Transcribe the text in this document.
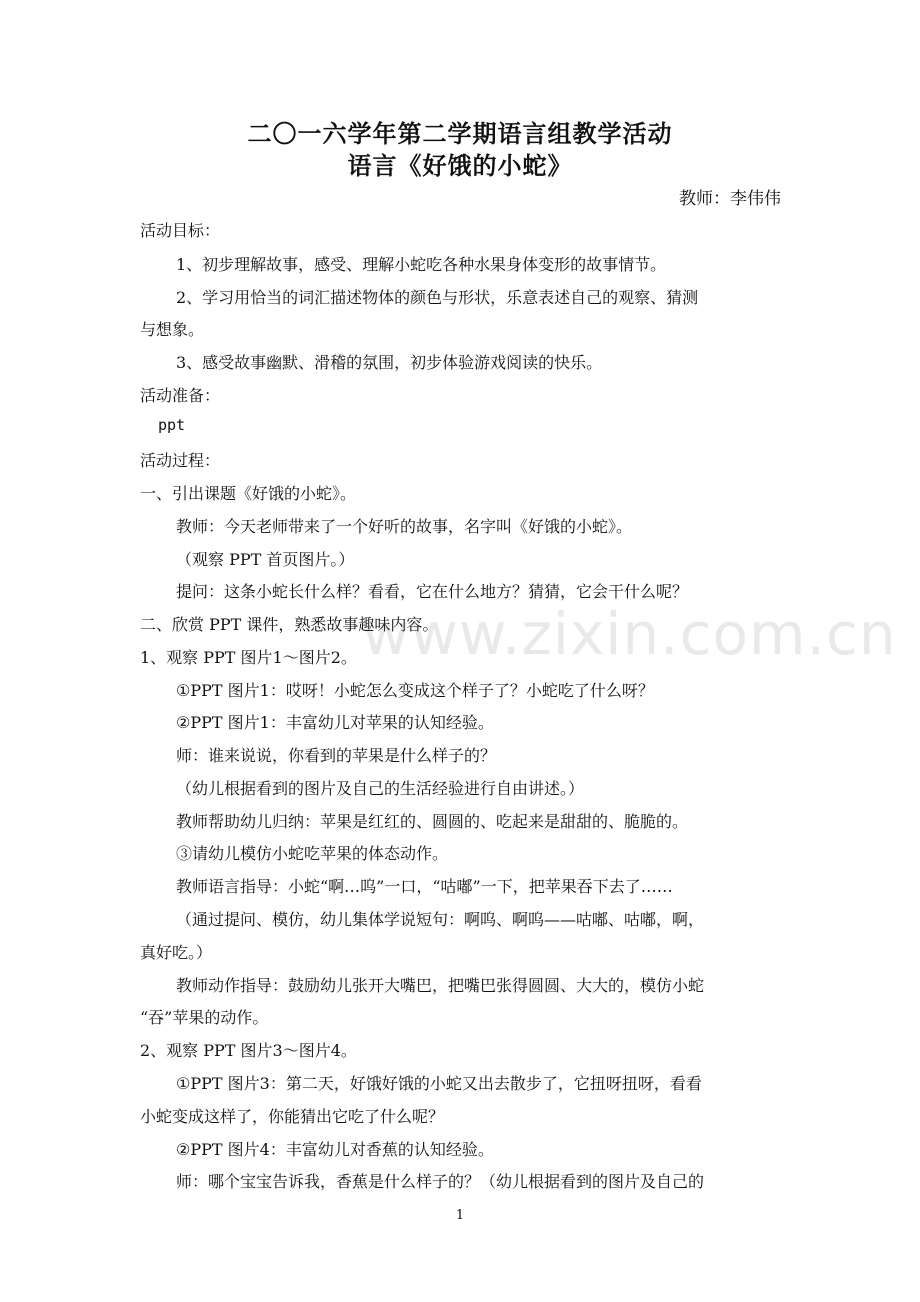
二〇一六学年第二学期语言组教学活动
语言《好饿的小蛇》
教师：李伟伟
活动目标：
1、初步理解故事，感受、理解小蛇吃各种水果身体变形的故事情节。
2、学习用恰当的词汇描述物体的颜色与形状，乐意表述自己的观察、猜测
与想象。
3、感受故事幽默、滑稽的氛围，初步体验游戏阅读的快乐。
活动准备：
ppt
活动过程：
一、引出课题《好饿的小蛇》。
教师：今天老师带来了一个好听的故事，名字叫《好饿的小蛇》。
（观察 PPT 首页图片。）
提问：这条小蛇长什么样？看看，它在什么地方？猜猜，它会干什么呢？
二、欣赏 PPT 课件，熟悉故事趣味内容。
1、观察 PPT 图片1～图片2。
①PPT 图片1：哎呀！小蛇怎么变成这个样子了？小蛇吃了什么呀？
②PPT 图片1：丰富幼儿对苹果的认知经验。
师：谁来说说，你看到的苹果是什么样子的？
（幼儿根据看到的图片及自己的生活经验进行自由讲述。）
教师帮助幼儿归纳：苹果是红红的、圆圆的、吃起来是甜甜的、脆脆的。
③请幼儿模仿小蛇吃苹果的体态动作。
教师语言指导：小蛇“啊…呜”一口，“咕嘟”一下，把苹果吞下去了……
（通过提问、模仿，幼儿集体学说短句：啊呜、啊呜——咕嘟、咕嘟，啊，
真好吃。）
教师动作指导：鼓励幼儿张开大嘴巴，把嘴巴张得圆圆、大大的，模仿小蛇
“吞”苹果的动作。
2、观察 PPT 图片3～图片4。
①PPT 图片3：第二天，好饿好饿的小蛇又出去散步了，它扭呀扭呀，看看
小蛇变成这样了，你能猜出它吃了什么呢？
②PPT 图片4：丰富幼儿对香蕉的认知经验。
师：哪个宝宝告诉我，香蕉是什么样子的？（幼儿根据看到的图片及自己的
www.zixin.com.cn
1
